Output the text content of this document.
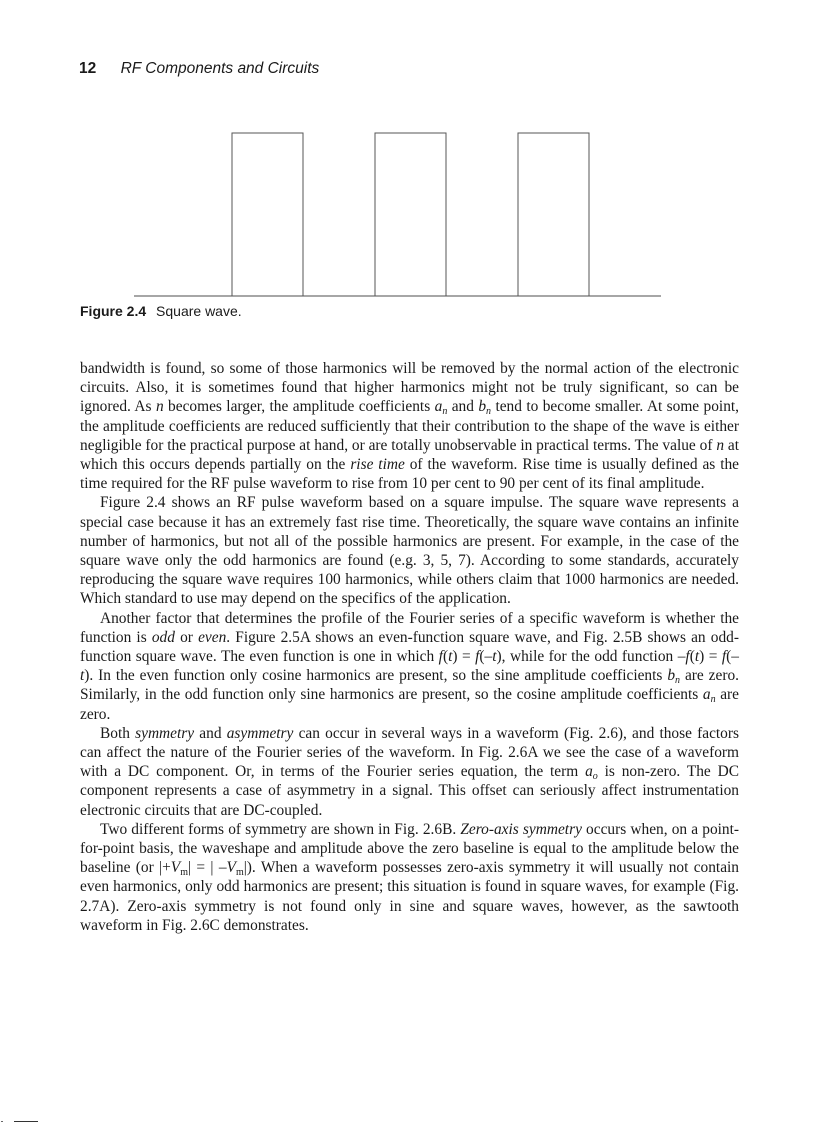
12 RF Components and Circuits
Figure 2.4 Square wave.

bandwidth is found, so some of those harmonics will be removed by the normal action of the electronic circuits. Also, it is sometimes found that higher harmonics might not be truly significant, so can be ignored. As n becomes larger, the amplitude coefficients $a_n$ and $b_n$ tend to become smaller. At some point, the amplitude coefficients are reduced sufficiently that their contribution to the shape of the wave is either negligible for the practical purpose at hand, or are totally unobservable in practical terms. The value of n at which this occurs depends partially on the rise time of the waveform. Rise time is usually defined as the time required for the RF pulse waveform to rise from 10 per cent to 90 per cent of its final amplitude.

Figure 2.4 shows an RF pulse waveform based on a square impulse. The square wave represents a special case because it has an extremely fast rise time. Theoretically, the square wave contains an infinite number of harmonics, but not all of the possible harmonics are present. For example, in the case of the square wave only the odd harmonics are found (e.g. 3, 5, 7). According to some standards, accurately reproducing the square wave requires 100 harmonics, while others claim that 1000 harmonics are needed. Which standard to use may depend on the specifics of the application.

Another factor that determines the profile of the Fourier series of a specific waveform is whether the function is odd or even. Figure 2.5A shows an even-function square wave, and Fig. 2.5B shows an odd-function square wave. The even function is one in which f(t) = f(–t), while for the odd function –f(t) = f(–t). In the even function only cosine harmonics are present, so the sine amplitude coefficients $b_n$ are zero. Similarly, in the odd function only sine harmonics are present, so the cosine amplitude coefficients $a_n$ are zero.

Both symmetry and asymmetry can occur in several ways in a waveform (Fig. 2.6), and those factors can affect the nature of the Fourier series of the waveform. In Fig. 2.6A we see the case of a waveform with a DC component. Or, in terms of the Fourier series equation, the term $a_o$ is non-zero. The DC component represents a case of asymmetry in a signal. This offset can seriously affect instrumentation electronic circuits that are DC-coupled.

Two different forms of symmetry are shown in Fig. 2.6B. Zero-axis symmetry occurs when, on a point-for-point basis, the waveshape and amplitude above the zero baseline is equal to the amplitude below the baseline (or $|+V_m|$ = | $-V_m|$). When a waveform possesses zero-axis symmetry it will usually not contain even harmonics, only odd harmonics are present; this situation is found in square waves, for example (Fig. 2.7A). Zero-axis symmetry is not found only in sine and square waves, however, as the sawtooth waveform in Fig. 2.6C demonstrates.
